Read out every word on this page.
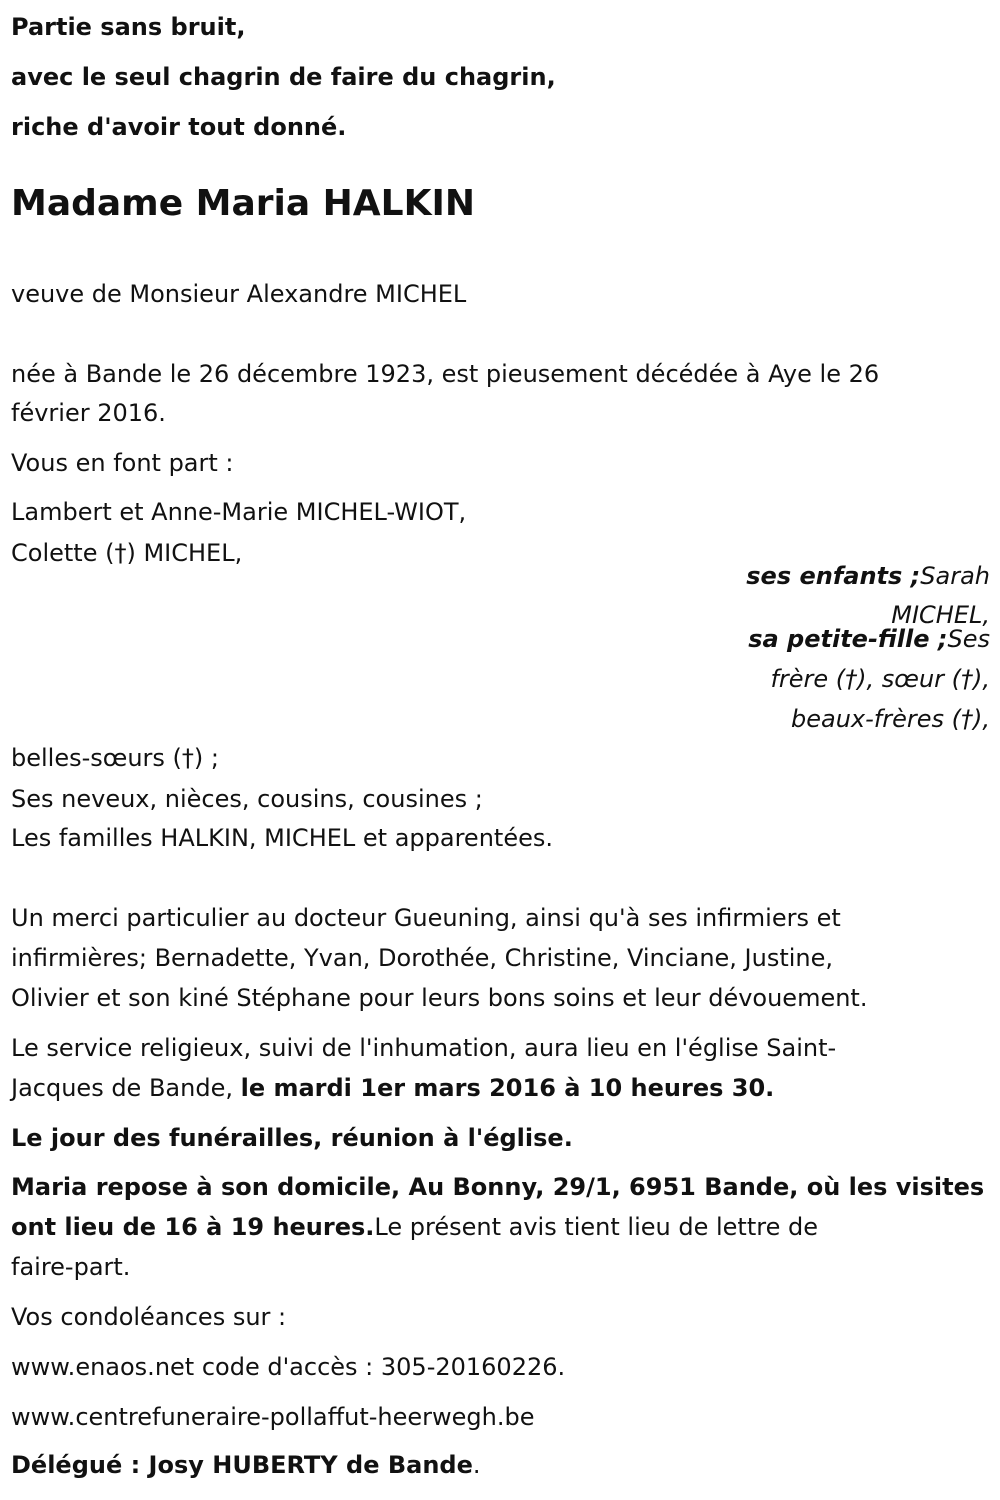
Partie sans bruit,
avec le seul chagrin de faire du chagrin,
riche d'avoir tout donné.
Madame Maria HALKIN
veuve de Monsieur Alexandre MICHEL
née à Bande le 26 décembre 1923, est pieusement décédée à Aye le 26
février 2016.
Vous en font part :
Lambert et Anne-Marie MICHEL-WIOT,
Colette (†) MICHEL,
ses enfants ;Sarah
MICHEL,
sa petite-fille ;Ses
frère (†), sœur (†),
beaux-frères (†),
belles-sœurs (†) ;
Ses neveux, nièces, cousins, cousines ;
Les familles HALKIN, MICHEL et apparentées.
Un merci particulier au docteur Gueuning, ainsi qu'à ses infirmiers et
infirmières; Bernadette, Yvan, Dorothée, Christine, Vinciane, Justine,
Olivier et son kiné Stéphane pour leurs bons soins et leur dévouement.
Le service religieux, suivi de l'inhumation, aura lieu en l'église Saint-
Jacques de Bande, le mardi 1er mars 2016 à 10 heures 30.
Le jour des funérailles, réunion à l'église.
Maria repose à son domicile, Au Bonny, 29/1, 6951 Bande, où les visites
ont lieu de 16 à 19 heures.Le présent avis tient lieu de lettre de
faire-part.
Vos condoléances sur :
www.enaos.net code d'accès : 305-20160226.
www.centrefuneraire-pollaffut-heerwegh.be
Délégué : Josy HUBERTY de Bande.
